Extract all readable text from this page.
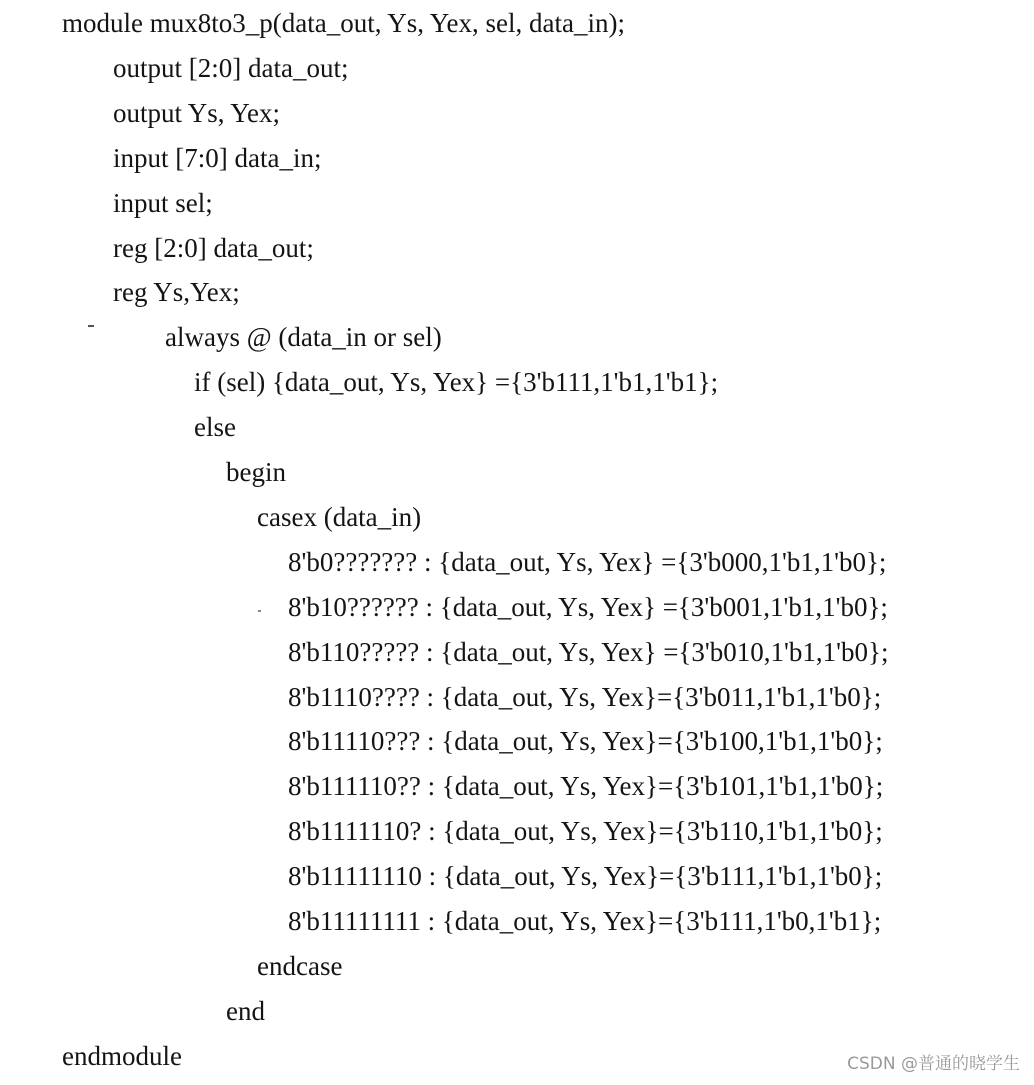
module mux8to3_p(data_out, Ys, Yex, sel, data_in);
output [2:0] data_out;
output Ys, Yex;
input [7:0] data_in;
input sel;
reg [2:0] data_out;
reg Ys,Yex;
always @ (data_in or sel)
if (sel) {data_out, Ys, Yex} ={3'b111,1'b1,1'b1};
else
begin
casex (data_in)
8'b0??????? : {data_out, Ys, Yex} ={3'b000,1'b1,1'b0};
8'b10?????? : {data_out, Ys, Yex} ={3'b001,1'b1,1'b0};
8'b110????? : {data_out, Ys, Yex} ={3'b010,1'b1,1'b0};
8'b1110???? : {data_out, Ys, Yex}={3'b011,1'b1,1'b0};
8'b11110??? : {data_out, Ys, Yex}={3'b100,1'b1,1'b0};
8'b111110?? : {data_out, Ys, Yex}={3'b101,1'b1,1'b0};
8'b1111110? : {data_out, Ys, Yex}={3'b110,1'b1,1'b0};
8'b11111110 : {data_out, Ys, Yex}={3'b111,1'b1,1'b0};
8'b11111111 : {data_out, Ys, Yex}={3'b111,1'b0,1'b1};
endcase
end
endmodule	CSDN @普通的晓学生
